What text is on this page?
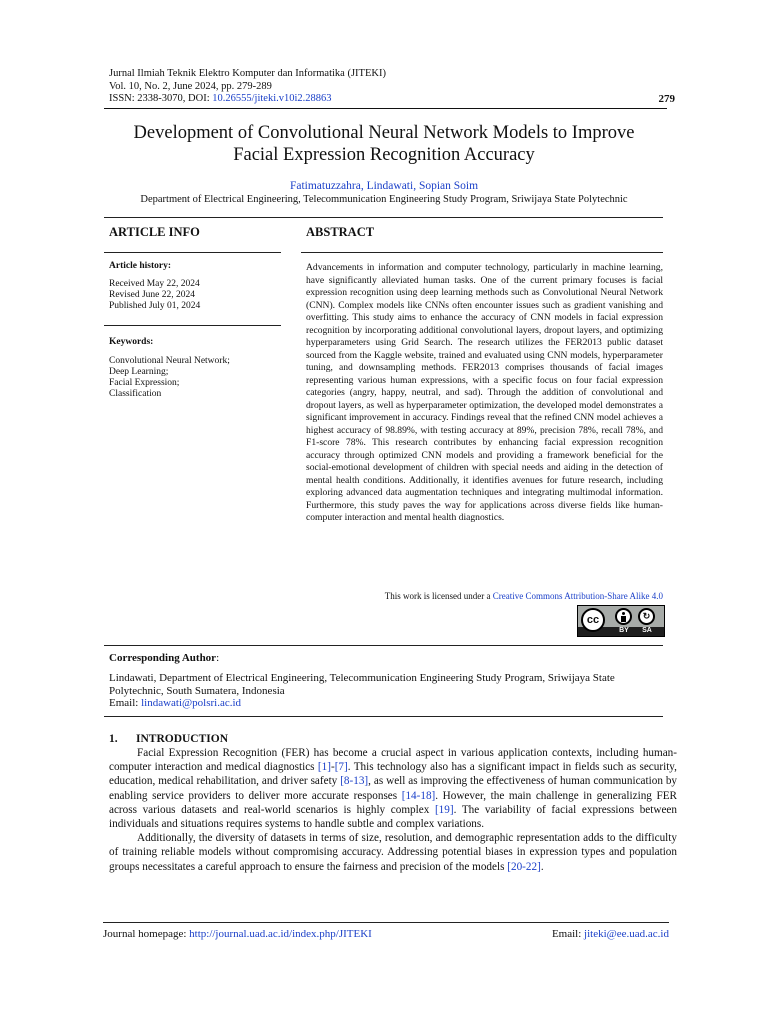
Jurnal Ilmiah Teknik Elektro Komputer dan Informatika (JITEKI)
Vol. 10, No. 2, June 2024, pp. 279-289
ISSN: 2338-3070, DOI: 10.26555/jiteki.v10i2.28863	279
Development of Convolutional Neural Network Models to Improve
Facial Expression Recognition Accuracy
Fatimatuzzahra, Lindawati, Sopian Soim
Department of Electrical Engineering, Telecommunication Engineering Study Program, Sriwijaya State Polytechnic
ARTICLE INFO
Article history:
Received May 22, 2024
Revised June 22, 2024
Published July 01, 2024
Keywords:
Convolutional Neural Network;
Deep Learning;
Facial Expression;
Classification
ABSTRACT
Advancements in information and computer technology, particularly in machine learning, have significantly alleviated human tasks. One of the current primary focuses is facial expression recognition using deep learning methods such as Convolutional Neural Network (CNN). Complex models like CNNs often encounter issues such as gradient vanishing and overfitting. This study aims to enhance the accuracy of CNN models in facial expression recognition by incorporating additional convolutional layers, dropout layers, and optimizing hyperparameters using Grid Search. The research utilizes the FER2013 public dataset sourced from the Kaggle website, trained and evaluated using CNN models, hyperparameter tuning, and downsampling methods. FER2013 comprises thousands of facial images representing various human expressions, with a specific focus on four facial expression categories (angry, happy, neutral, and sad). Through the addition of convolutional and dropout layers, as well as hyperparameter optimization, the developed model demonstrates a significant improvement in accuracy. Findings reveal that the refined CNN model achieves a highest accuracy of 98.89%, with testing accuracy at 89%, precision 78%, recall 78%, and F1-score 78%. This research contributes by enhancing facial expression recognition accuracy through optimized CNN models and providing a framework beneficial for the social-emotional development of children with special needs and aiding in the detection of mental health conditions. Additionally, it identifies avenues for future research, including exploring advanced data augmentation techniques and integrating multimodal information. Furthermore, this study paves the way for applications across diverse fields like human-computer interaction and mental health diagnostics.
This work is licensed under a Creative Commons Attribution-Share Alike 4.0
cc	↻
BY	SA
Corresponding Author:
Lindawati, Department of Electrical Engineering, Telecommunication Engineering Study Program, Sriwijaya State
Polytechnic, South Sumatera, Indonesia
Email: lindawati@polsri.ac.id
1. INTRODUCTION

Facial Expression Recognition (FER) has become a crucial aspect in various application contexts, including human-computer interaction and medical diagnostics [1]-[7]. This technology also has a significant impact in fields such as security, education, medical rehabilitation, and driver safety [8-13], as well as improving the effectiveness of human communication by enabling service providers to deliver more accurate responses [14-18]. However, the main challenge in generalizing FER across various datasets and real-world scenarios is highly complex [19]. The variability of facial expressions between individuals and situations requires systems to handle subtle and complex variations.

Additionally, the diversity of datasets in terms of size, resolution, and demographic representation adds to the difficulty of training reliable models without compromising accuracy. Addressing potential biases in expression types and population groups necessitates a careful approach to ensure the fairness and precision of the models [20-22].

Journal homepage: http://journal.uad.ac.id/index.php/JITEKI	Email: jiteki@ee.uad.ac.id
